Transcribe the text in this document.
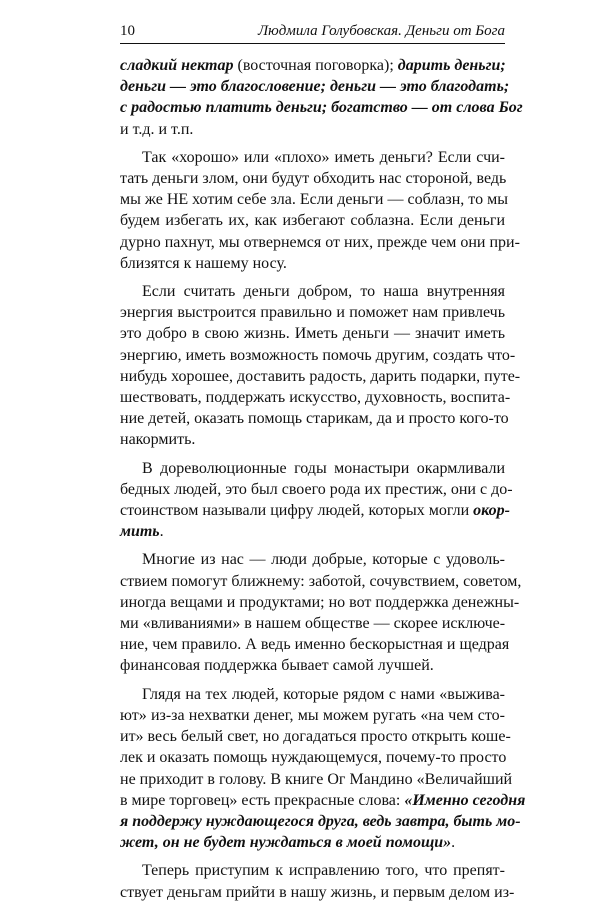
10	Людмила Голубовская. Деньги от Бога
сладкий нектар (восточная поговорка); дарить деньги;
деньги — это благословение; деньги — это благодать;
с радостью платить деньги; богатство — от слова Бог
и т.д. и т.п.
Так «хорошо» или «плохо» иметь деньги? Если счи-
тать деньги злом, они будут обходить нас стороной, ведь
мы же НЕ хотим себе зла. Если деньги — соблазн, то мы
будем избегать их, как избегают соблазна. Если деньги
дурно пахнут, мы отвернемся от них, прежде чем они при-
близятся к нашему носу.
Если считать деньги добром, то наша внутренняя
энергия выстроится правильно и поможет нам привлечь
это добро в свою жизнь. Иметь деньги — значит иметь
энергию, иметь возможность помочь другим, создать что-
нибудь хорошее, доставить радость, дарить подарки, путе-
шествовать, поддержать искусство, духовность, воспита-
ние детей, оказать помощь старикам, да и просто кого-то
накормить.
В дореволюционные годы монастыри окармливали
бедных людей, это был своего рода их престиж, они с до-
стоинством называли цифру людей, которых могли окор-
мить.
Многие из нас — люди добрые, которые с удоволь-
ствием помогут ближнему: заботой, сочувствием, советом,
иногда вещами и продуктами; но вот поддержка денежны-
ми «вливаниями» в нашем обществе — скорее исключе-
ние, чем правило. А ведь именно бескорыстная и щедрая
финансовая поддержка бывает самой лучшей.
Глядя на тех людей, которые рядом с нами «выжива-
ют» из-за нехватки денег, мы можем ругать «на чем сто-
ит» весь белый свет, но догадаться просто открыть коше-
лек и оказать помощь нуждающемуся, почему-то просто
не приходит в голову. В книге Ог Мандино «Величайший
в мире торговец» есть прекрасные слова: «Именно сегодня
я поддержу нуждающегося друга, ведь завтра, быть мо-
жет, он не будет нуждаться в моей помощи».
Теперь приступим к исправлению того, что препят-
ствует деньгам прийти в нашу жизнь, и первым делом из-
